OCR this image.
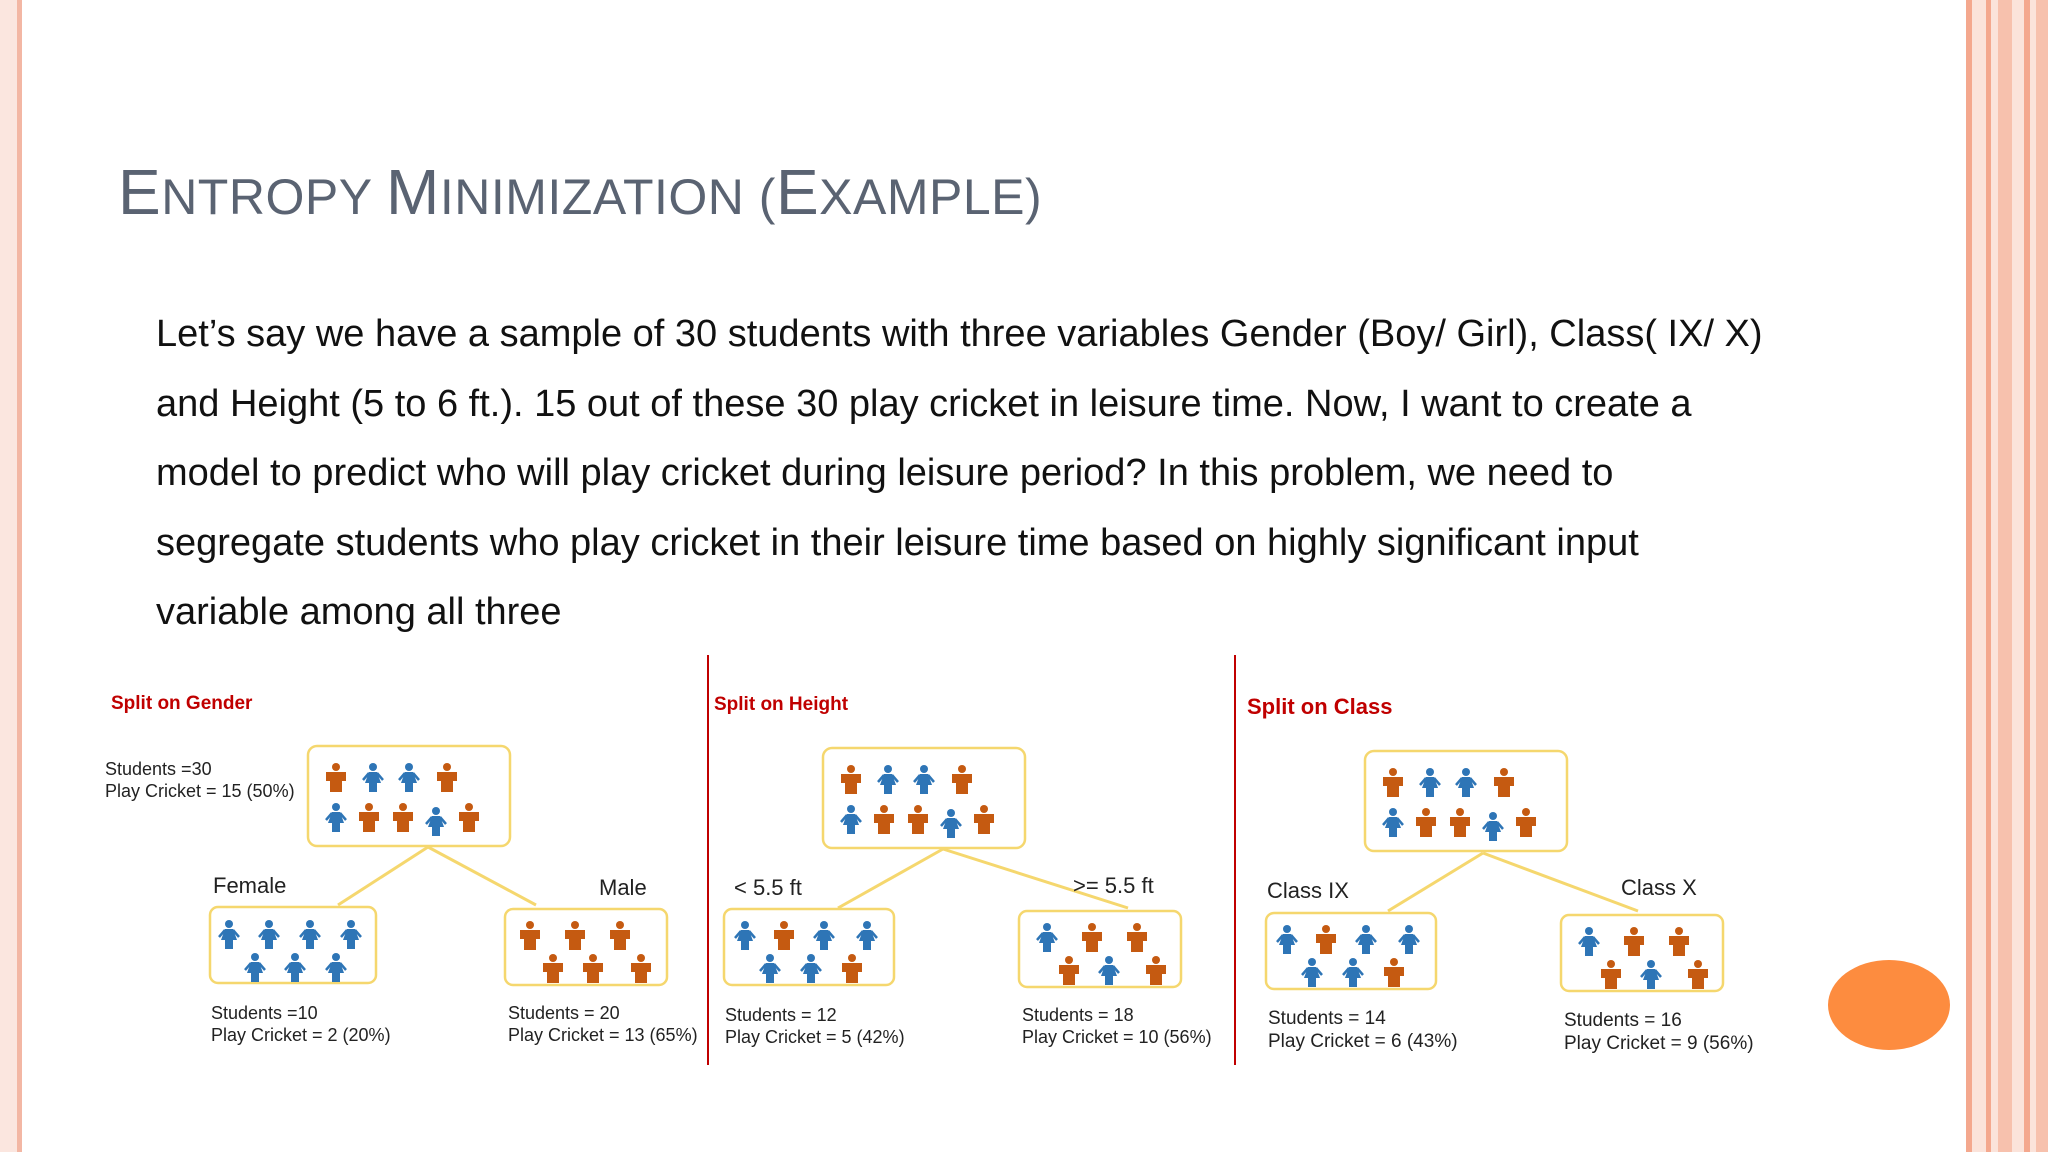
ENTROPY MINIMIZATION (EXAMPLE)

Let’s say we have a sample of 30 students with three variables Gender (Boy/ Girl), Class( IX/ X) and Height (5 to 6 ft.). 15 out of these 30 play cricket in leisure time. Now, I want to create a model to predict who will play cricket during leisure period? In this problem, we need to segregate students who play cricket in their leisure time based on highly significant input variable among all three

Split on Gender
Students =30
Play Cricket = 15 (50%)
Female	Male
Students =10
Play Cricket = 2 (20%)
Students = 20
Play Cricket = 13 (65%)
Split on Height
< 5.5 ft	>= 5.5 ft
Students = 12
Play Cricket = 5 (42%)
Students = 18
Play Cricket = 10 (56%)
Split on Class
Class IX	Class X
Students = 14
Play Cricket = 6 (43%)
Students = 16
Play Cricket = 9 (56%)
